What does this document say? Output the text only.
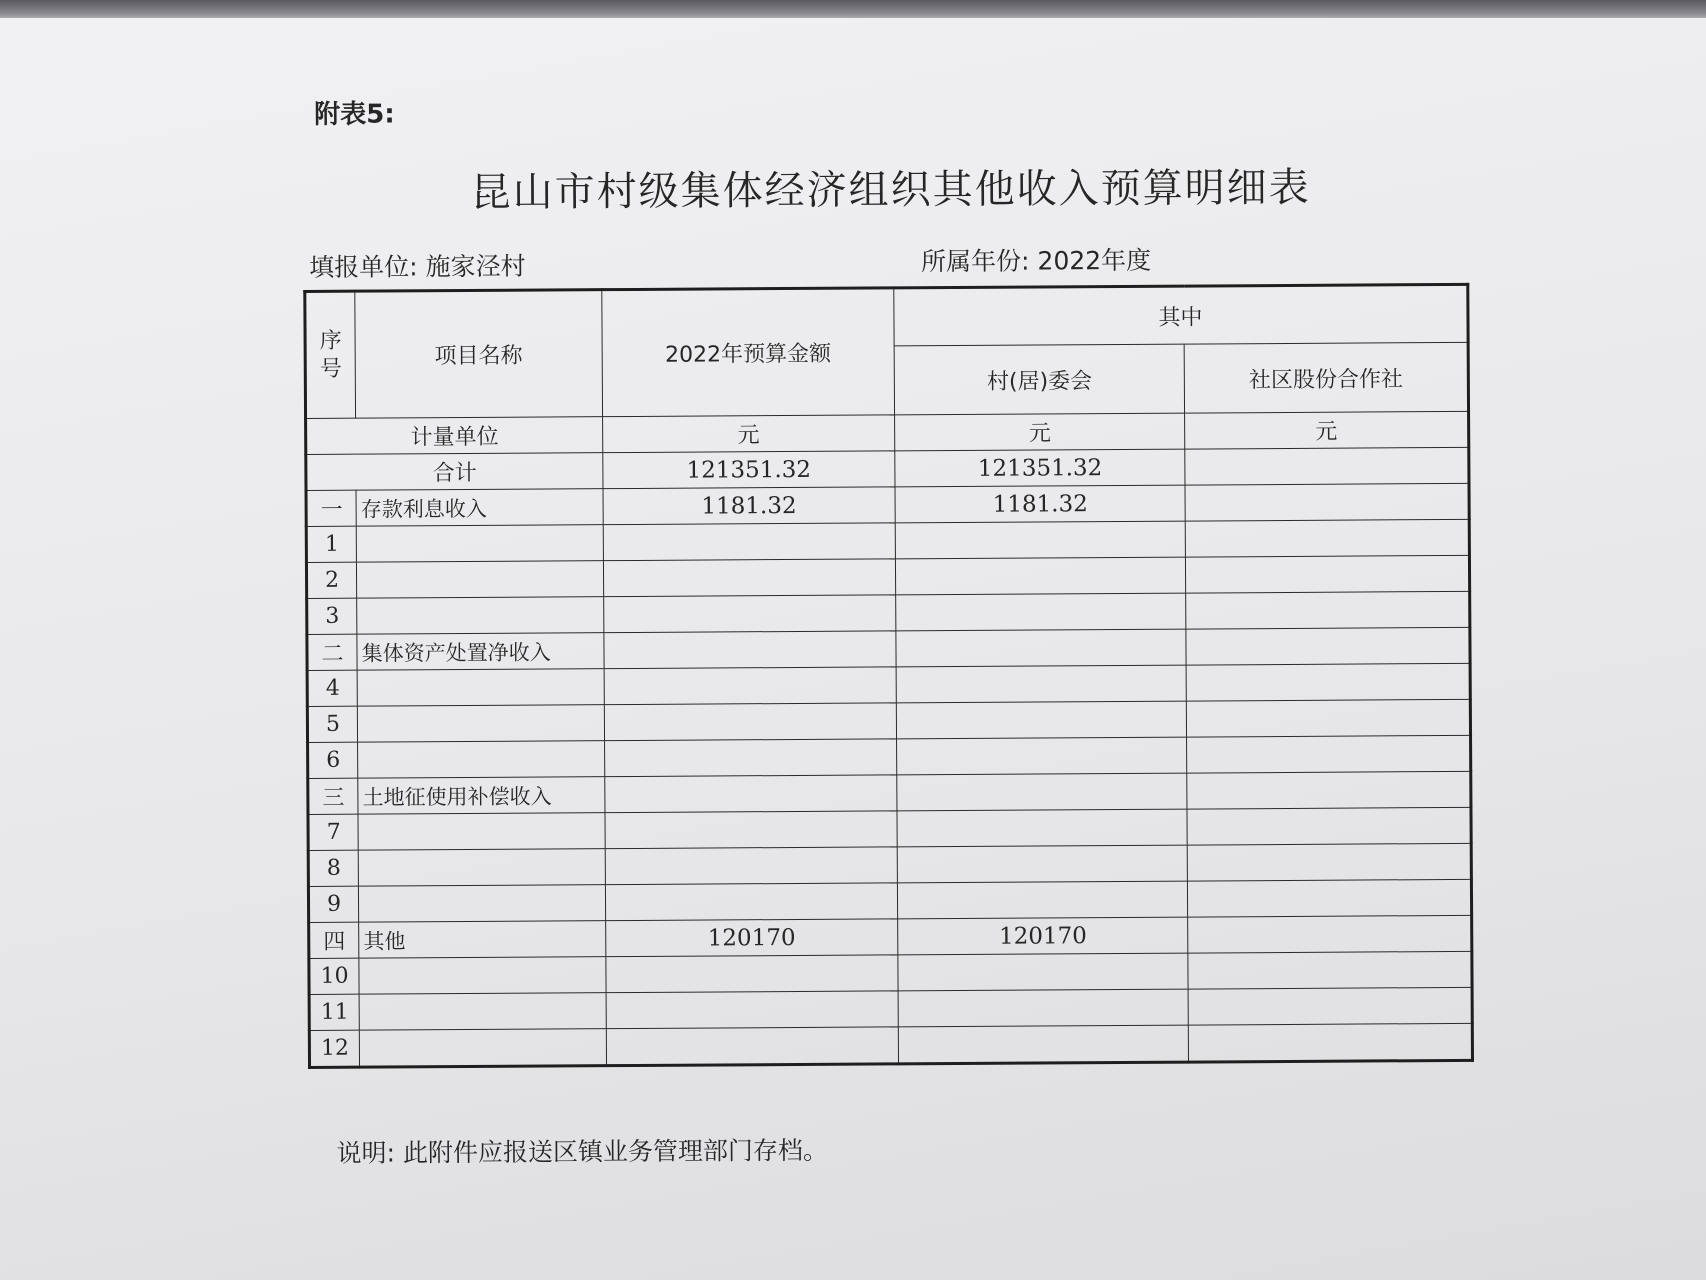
附表5:
昆山市村级集体经济组织其他收入预算明细表
填报单位: 施家泾村	所属年份: 2022年度
序
号	项目名称	2022年预算金额	其中	
			村(居)委会	社区股份合作社
计量单位		元	元	元
合计		121351.32	121351.32	
一	存款利息收入	1181.32	1181.32	
1				
2				
3				
二	集体资产处置净收入			
4				
5				
6				
三	土地征使用补偿收入			
7				
8				
9				
四	其他	120170	120170	
10				
11				
12				
说明: 此附件应报送区镇业务管理部门存档。
